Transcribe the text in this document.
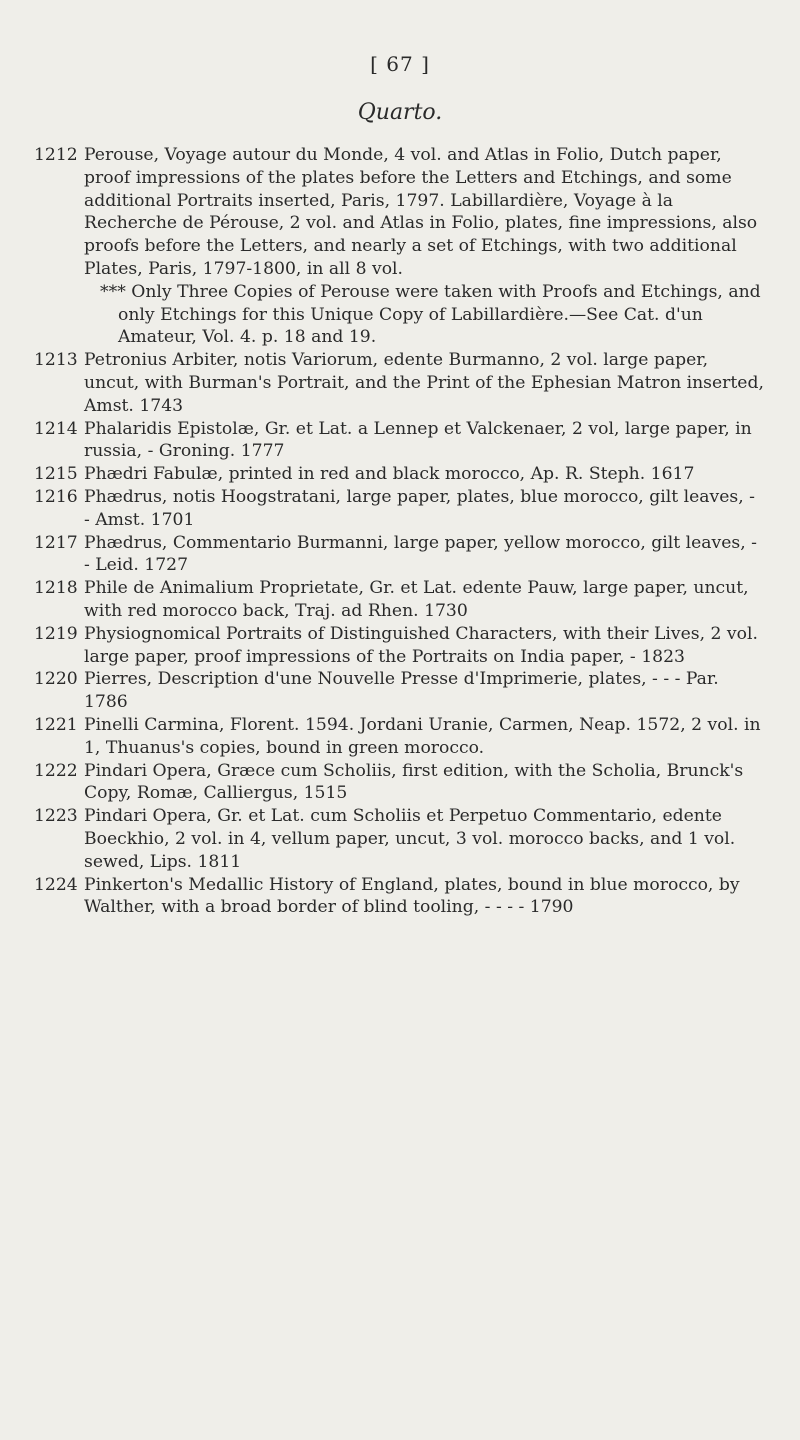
[ 67 ]
Quarto.
1212 Perouse, Voyage autour du Monde, 4 vol. and Atlas in Folio, Dutch paper, proof impressions of the plates before the Letters and Etchings, and some additional Portraits inserted, Paris, 1797. Labillardière, Voyage à la Recherche de Pérouse, 2 vol. and Atlas in Folio, plates, fine impressions, also proofs before the Letters, and nearly a set of Etchings, with two additional Plates, Paris, 1797-1800, in all 8 vol.
*** Only Three Copies of Perouse were taken with Proofs and Etchings, and only Etchings for this Unique Copy of Labillardière.—See Cat. d'un Amateur, Vol. 4. p. 18 and 19.
1213 Petronius Arbiter, notis Variorum, edente Burmanno, 2 vol. large paper, uncut, with Burman's Portrait, and the Print of the Ephesian Matron inserted, Amst. 1743
1214 Phalaridis Epistolæ, Gr. et Lat. a Lennep et Valckenaer, 2 vol, large paper, in russia, - Groning. 1777
1215 Phædri Fabulæ, printed in red and black morocco, Ap. R. Steph. 1617
1216 Phædrus, notis Hoogstratani, large paper, plates, blue morocco, gilt leaves, - - Amst. 1701
1217 Phædrus, Commentario Burmanni, large paper, yellow morocco, gilt leaves, - - Leid. 1727
1218 Phile de Animalium Proprietate, Gr. et Lat. edente Pauw, large paper, uncut, with red morocco back, Traj. ad Rhen. 1730
1219 Physiognomical Portraits of Distinguished Characters, with their Lives, 2 vol. large paper, proof impressions of the Portraits on India paper, - 1823
1220 Pierres, Description d'une Nouvelle Presse d'Imprimerie, plates, - - - Par. 1786
1221 Pinelli Carmina, Florent. 1594. Jordani Uranie, Carmen, Neap. 1572, 2 vol. in 1, Thuanus's copies, bound in green morocco.
1222 Pindari Opera, Græce cum Scholiis, first edition, with the Scholia, Brunck's Copy, Romæ, Calliergus, 1515
1223 Pindari Opera, Gr. et Lat. cum Scholiis et Perpetuo Commentario, edente Boeckhio, 2 vol. in 4, vellum paper, uncut, 3 vol. morocco backs, and 1 vol. sewed, Lips. 1811
1224 Pinkerton's Medallic History of England, plates, bound in blue morocco, by Walther, with a broad border of blind tooling, - - - - 1790
